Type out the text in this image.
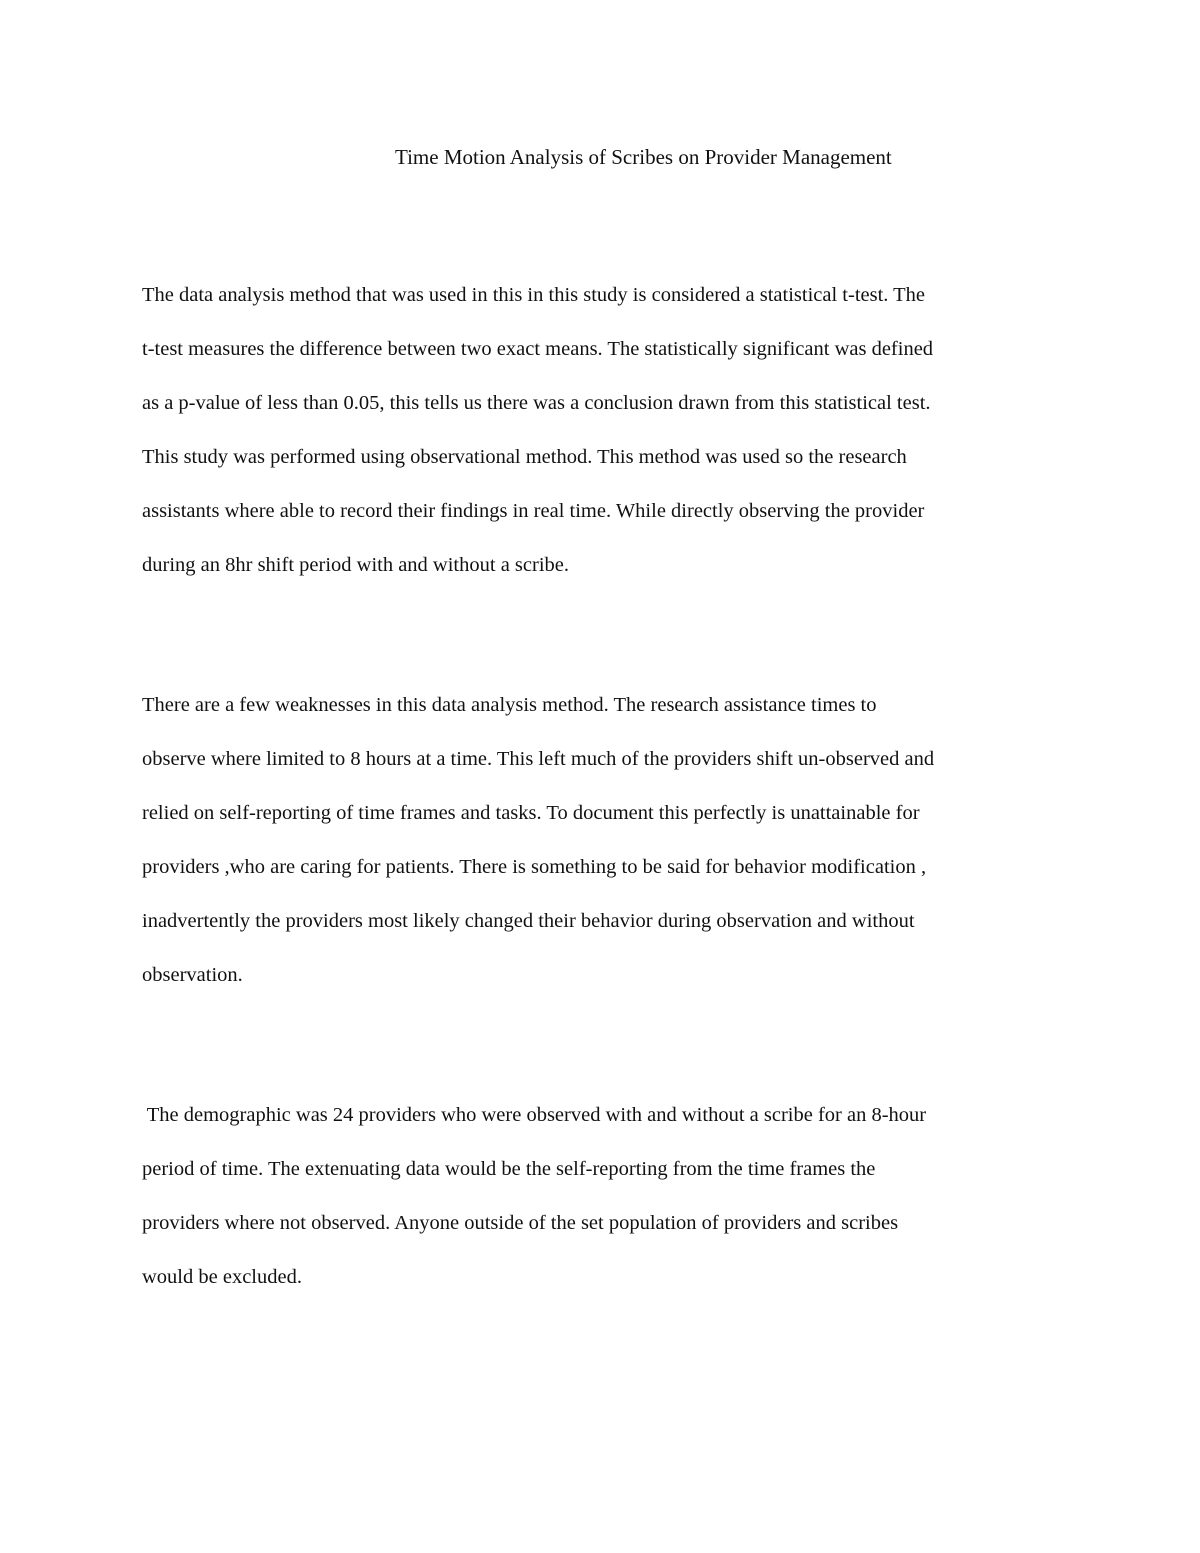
Time Motion Analysis of Scribes on Provider Management

The data analysis method that was used in this in this study is considered a statistical t-test. The
t-test measures the difference between two exact means. The statistically significant was defined
as a p-value of less than 0.05, this tells us there was a conclusion drawn from this statistical test.
This study was performed using observational method. This method was used so the research
assistants where able to record their findings in real time. While directly observing the provider
during an 8hr shift period with and without a scribe.

There are a few weaknesses in this data analysis method. The research assistance times to
observe where limited to 8 hours at a time. This left much of the providers shift un-observed and
relied on self-reporting of time frames and tasks. To document this perfectly is unattainable for
providers ,who are caring for patients. There is something to be said for behavior modification ,
inadvertently the providers most likely changed their behavior during observation and without
observation.

The demographic was 24 providers who were observed with and without a scribe for an 8-hour
period of time. The extenuating data would be the self-reporting from the time frames the
providers where not observed. Anyone outside of the set population of providers and scribes
would be excluded.
